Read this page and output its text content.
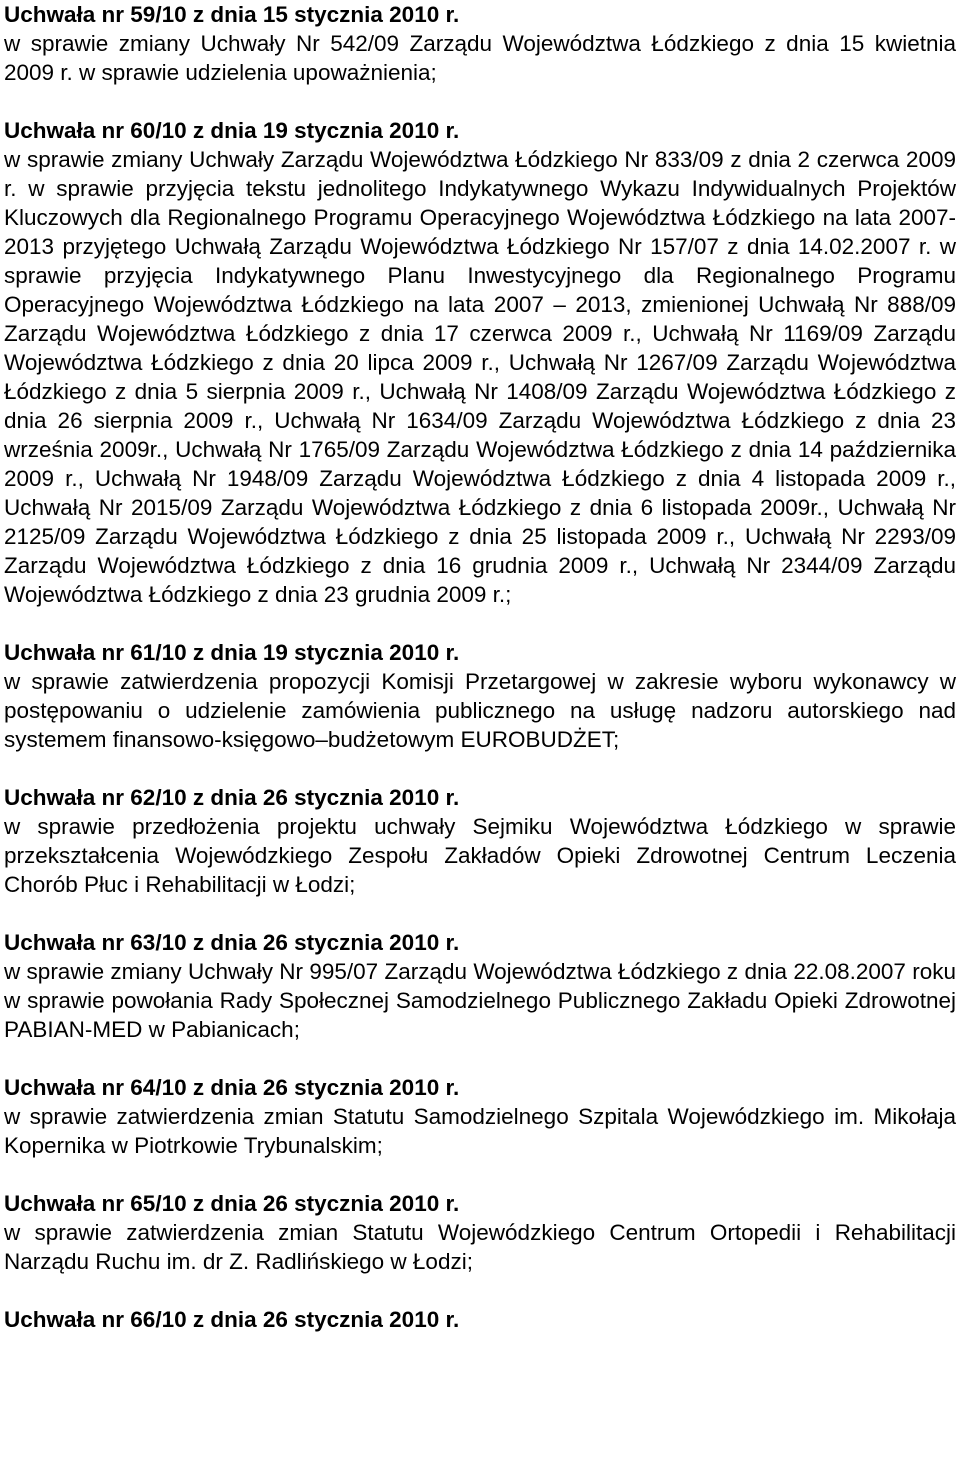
Uchwała nr 59/10 z dnia 15 stycznia 2010 r.
w sprawie zmiany Uchwały Nr 542/09 Zarządu Województwa Łódzkiego z dnia 15 kwietnia 2009 r. w sprawie udzielenia upoważnienia;
Uchwała nr 60/10 z dnia 19 stycznia 2010 r.
w sprawie zmiany Uchwały Zarządu Województwa Łódzkiego Nr 833/09 z dnia 2 czerwca 2009 r. w sprawie przyjęcia tekstu jednolitego Indykatywnego Wykazu Indywidualnych Projektów Kluczowych dla Regionalnego Programu Operacyjnego Województwa Łódzkiego na lata 2007-2013 przyjętego Uchwałą Zarządu Województwa Łódzkiego Nr 157/07 z dnia 14.02.2007 r. w sprawie przyjęcia Indykatywnego Planu Inwestycyjnego dla Regionalnego Programu Operacyjnego Województwa Łódzkiego na lata 2007 – 2013, zmienionej Uchwałą Nr 888/09 Zarządu Województwa Łódzkiego z dnia 17 czerwca 2009 r., Uchwałą Nr 1169/09 Zarządu Województwa Łódzkiego z dnia 20 lipca 2009 r., Uchwałą Nr 1267/09 Zarządu Województwa Łódzkiego z dnia 5 sierpnia 2009 r., Uchwałą Nr 1408/09 Zarządu Województwa Łódzkiego z dnia 26 sierpnia 2009 r., Uchwałą Nr 1634/09 Zarządu Województwa Łódzkiego z dnia 23 września 2009r., Uchwałą Nr 1765/09 Zarządu Województwa Łódzkiego z dnia 14 października 2009 r., Uchwałą Nr 1948/09 Zarządu Województwa Łódzkiego z dnia 4 listopada 2009 r., Uchwałą Nr 2015/09 Zarządu Województwa Łódzkiego z dnia 6 listopada 2009r., Uchwałą Nr 2125/09 Zarządu Województwa Łódzkiego z dnia 25 listopada 2009 r., Uchwałą Nr 2293/09 Zarządu Województwa Łódzkiego z dnia 16 grudnia 2009 r., Uchwałą Nr 2344/09 Zarządu Województwa Łódzkiego z dnia 23 grudnia 2009 r.;
Uchwała nr 61/10 z dnia 19 stycznia 2010 r.
w sprawie zatwierdzenia propozycji Komisji Przetargowej w zakresie wyboru wykonawcy w postępowaniu o udzielenie zamówienia publicznego na usługę nadzoru autorskiego nad systemem finansowo-księgowo–budżetowym EUROBUDŻET;
Uchwała nr 62/10 z dnia 26 stycznia 2010 r.
w sprawie przedłożenia projektu uchwały Sejmiku Województwa Łódzkiego w sprawie przekształcenia Wojewódzkiego Zespołu Zakładów Opieki Zdrowotnej Centrum Leczenia Chorób Płuc i Rehabilitacji w Łodzi;
Uchwała nr 63/10 z dnia 26 stycznia 2010 r.
w sprawie zmiany Uchwały Nr 995/07 Zarządu Województwa Łódzkiego z dnia 22.08.2007 roku w sprawie powołania Rady Społecznej Samodzielnego Publicznego Zakładu Opieki Zdrowotnej PABIAN-MED w Pabianicach;
Uchwała nr 64/10 z dnia 26 stycznia 2010 r.
w sprawie zatwierdzenia zmian Statutu Samodzielnego Szpitala Wojewódzkiego im. Mikołaja Kopernika w Piotrkowie Trybunalskim;
Uchwała nr 65/10 z dnia 26 stycznia 2010 r.
w sprawie zatwierdzenia zmian Statutu Wojewódzkiego Centrum Ortopedii i Rehabilitacji Narządu Ruchu im. dr Z. Radlińskiego w Łodzi;
Uchwała nr 66/10 z dnia 26 stycznia 2010 r.
